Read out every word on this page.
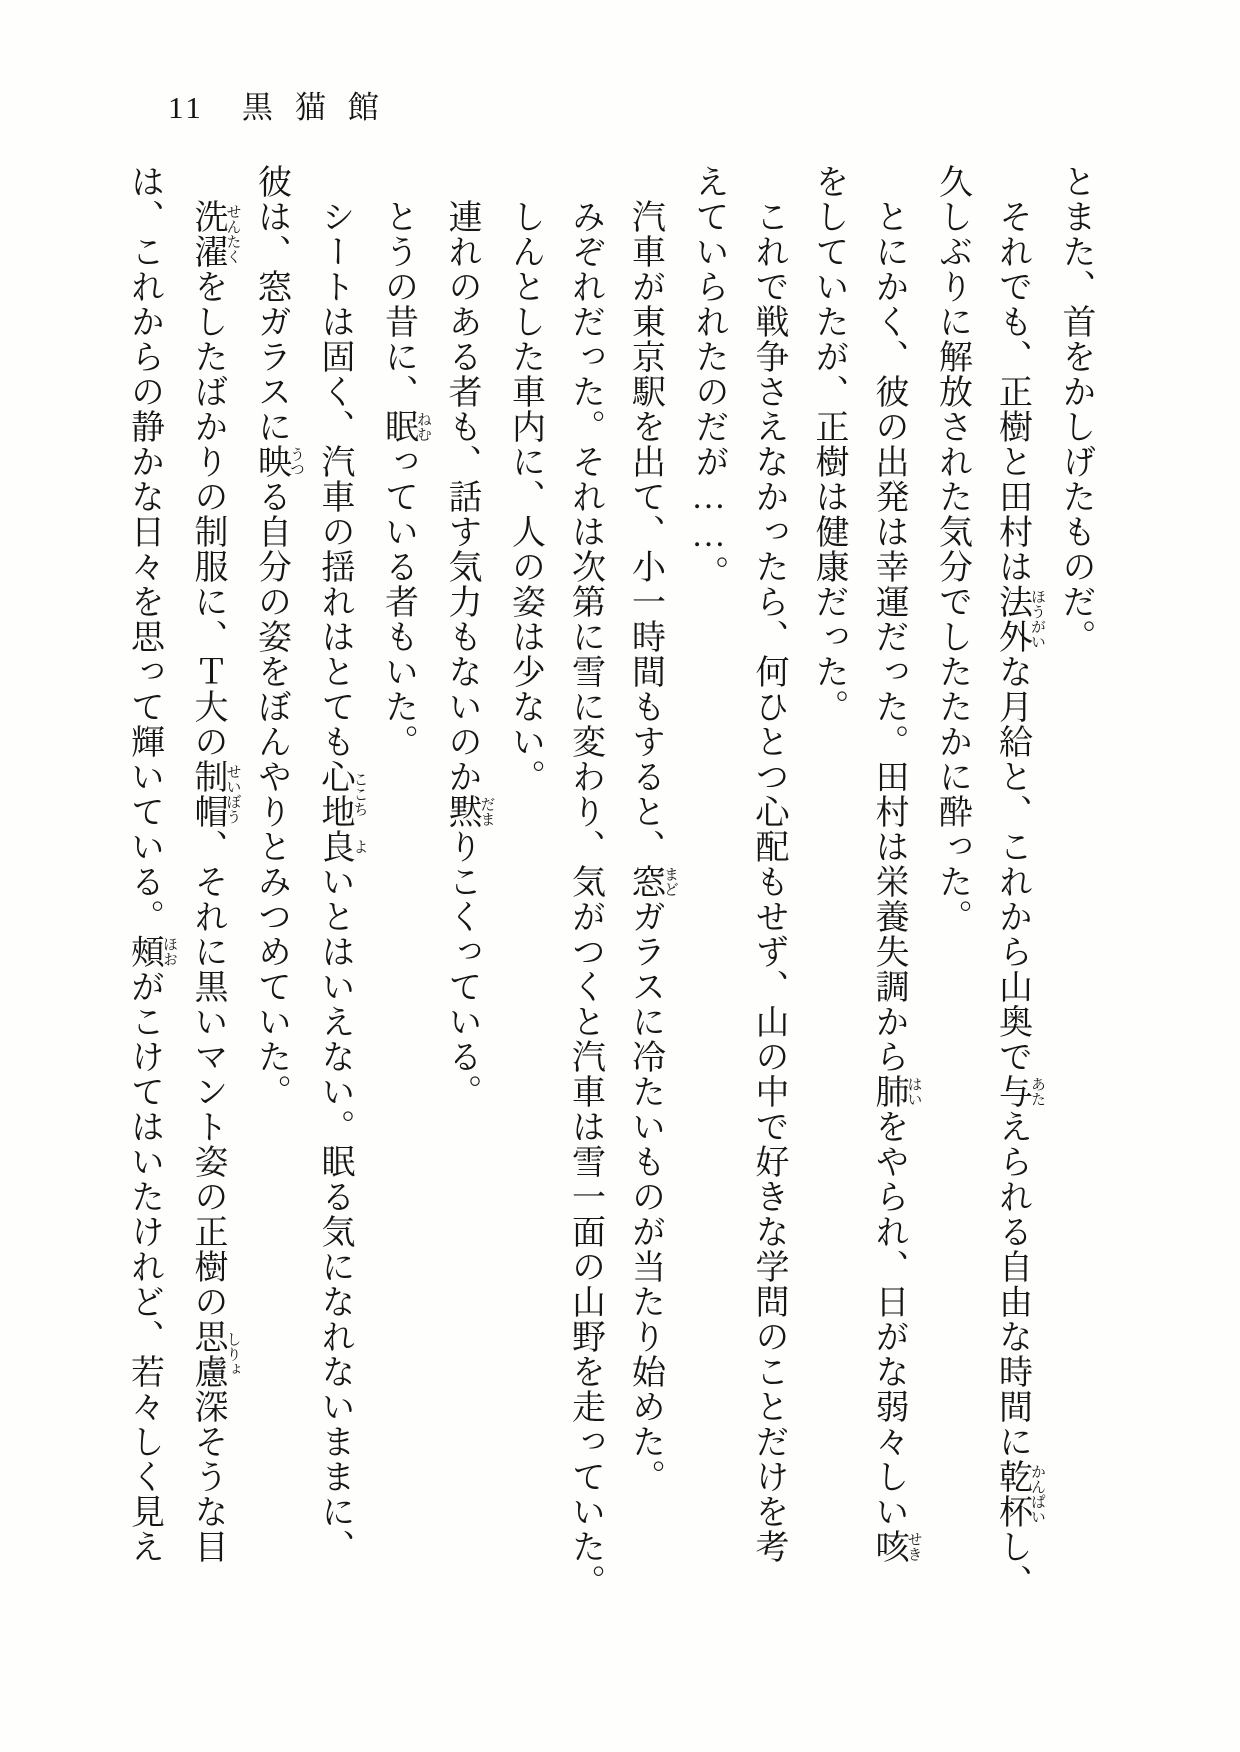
11 黒猫館
とまた、首をかしげたものだ。
それでも、正樹と田村は法外ほうがいな月給と、これから山奥で与あたえられる自由な時間に乾杯かんぱいし、
久しぶりに解放された気分でしたたかに酔った。
とにかく、彼の出発は幸運だった。田村は栄養失調から肺はいをやられ、日がな弱々しい咳せき
をしていたが、正樹は健康だった。
これで戦争さえなかったら、何ひとつ心配もせず、山の中で好きな学問のことだけを考
えていられたのだが……。
汽車が東京駅を出て、小一時間もすると、窓まどガラスに冷たいものが当たり始めた。
みぞれだった。それは次第に雪に変わり、気がつくと汽車は雪一面の山野を走っていた。
しんとした車内に、人の姿は少ない。
連れのある者も、話す気力もないのか黙だまりこくっている。
とうの昔に、眠ねむっている者もいた。
シートは固く、汽車の揺れはとても心地ここち良よいとはいえない。眠る気になれないままに、
彼は、窓ガラスに映うつる自分の姿をぼんやりとみつめていた。
洗濯せんたくをしたばかりの制服に、Ｔ大の制帽せいぼう、それに黒いマント姿の正樹の思慮しりょ深そうな目
は、これからの静かな日々を思って輝いている。頰ほおがこけてはいたけれど、若々しく見え
